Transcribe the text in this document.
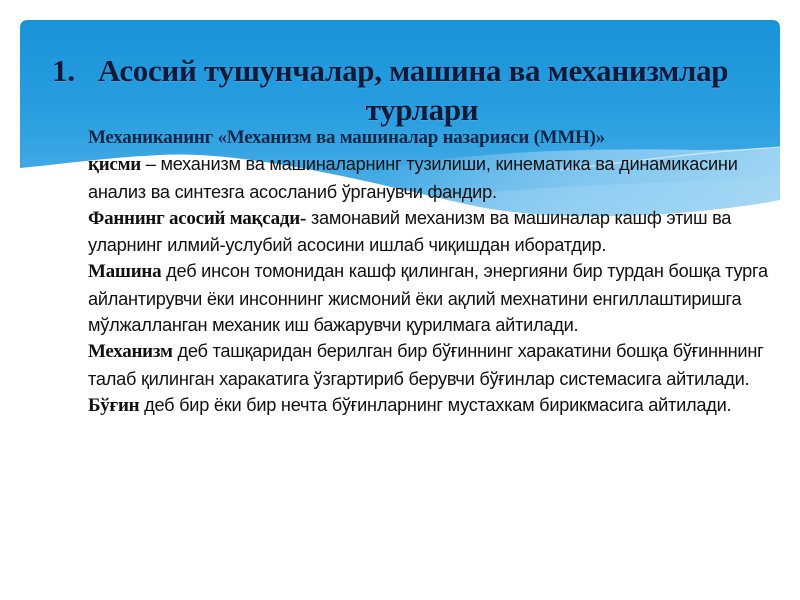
1. Асосий тушунчалар, машина ва механизмлар
турлари

Механиканинг «Механизм ва машиналар назарияси (ММН)»
қисми – механизм ва машиналарнинг тузилиши, кинематика ва динамикасини анализ ва синтезга асосланиб ўрганувчи фандир.

Фаннинг асосий мақсади- замонавий механизм ва машиналар кашф этиш ва уларнинг илмий-услубий асосини ишлаб чиқишдан иборатдир.

Машина деб инсон томонидан кашф қилинган, энергияни бир турдан бошқа турга айлантирувчи ёки инсоннинг жисмоний ёки ақлий мехнатини енгиллаштиришга мўлжалланган механик иш бажарувчи қурилмага айтилади.

Механизм деб ташқаридан берилган бир бўғиннинг харакатини бошқа бўғинннинг талаб қилинган харакатига ўзгартириб берувчи бўғинлар системасига айтилади.

Бўғин деб бир ёки бир нечта бўғинларнинг мустахкам бирикмасига айтилади.
